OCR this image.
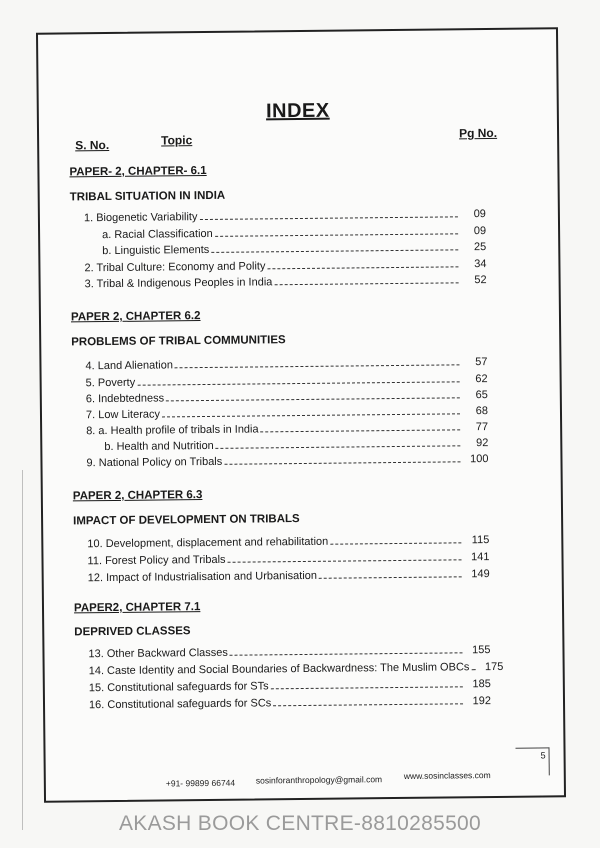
INDEX
S. No.	Topic	Pg No.
PAPER- 2, CHAPTER- 6.1
TRIBAL SITUATION IN INDIA
1. Biogenetic Variability	09
a. Racial Classification	09
b. Linguistic Elements	25
2. Tribal Culture: Economy and Polity	34
3. Tribal & Indigenous Peoples in India	52
PAPER 2, CHAPTER 6.2
PROBLEMS OF TRIBAL COMMUNITIES
4. Land Alienation	57
5. Poverty	62
6. Indebtedness	65
7. Low Literacy	68
8. a. Health profile of tribals in India	77
b. Health and Nutrition	92
9. National Policy on Tribals	100
PAPER 2, CHAPTER 6.3
IMPACT OF DEVELOPMENT ON TRIBALS
10. Development, displacement and rehabilitation	115
11. Forest Policy and Tribals	141
12. Impact of Industrialisation and Urbanisation	149
PAPER2, CHAPTER 7.1
DEPRIVED CLASSES
13. Other Backward Classes	155
14. Caste Identity and Social Boundaries of Backwardness: The Muslim OBCs	175
15. Constitutional safeguards for STs	185
16. Constitutional safeguards for SCs	192
5
+91- 99899 66744 sosinforanthropology@gmail.com	www.sosinclasses.com
AKASH BOOK CENTRE-8810285500
